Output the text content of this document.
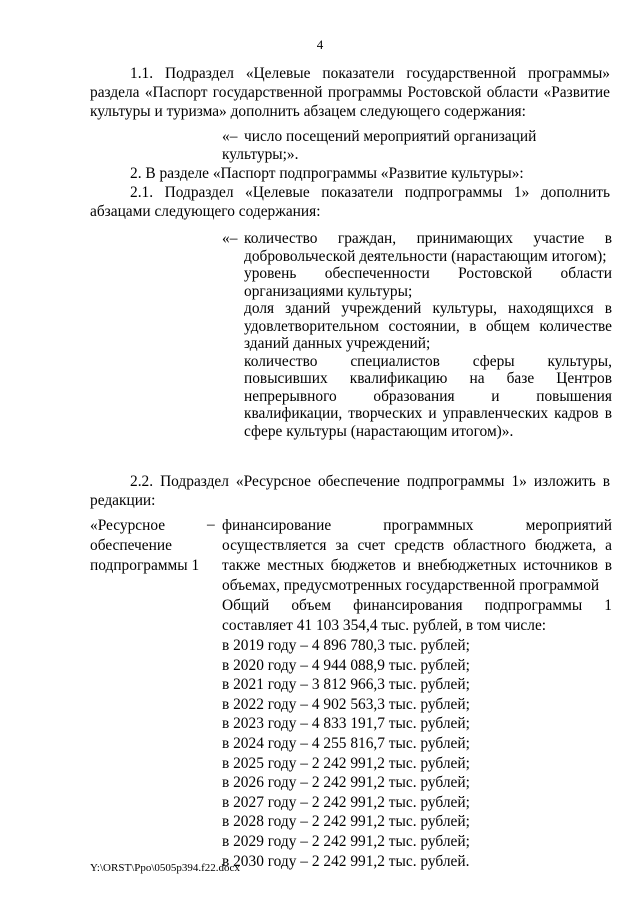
4
1.1. Подраздел «Целевые показатели государственной программы» раздела «Паспорт государственной программы Ростовской области «Развитие культуры и туризма» дополнить абзацем следующего содержания:
«– число посещений мероприятий организаций культуры;».
2. В разделе «Паспорт подпрограммы «Развитие культуры»:
2.1. Подраздел «Целевые показатели подпрограммы 1» дополнить абзацами следующего содержания:
«– количество граждан, принимающих участие в добровольческой деятельности (нарастающим итогом);
уровень обеспеченности Ростовской области организациями культуры;
доля зданий учреждений культуры, находящихся в удовлетворительном состоянии, в общем количестве зданий данных учреждений;
количество специалистов сферы культуры, повысивших квалификацию на базе Центров непрерывного образования и повышения квалификации, творческих и управленческих кадров в сфере культуры (нарастающим итогом)».
2.2. Подраздел «Ресурсное обеспечение подпрограммы 1» изложить в редакции:
«Ресурсное обеспечение подпрограммы 1
– финансирование программных мероприятий осуществляется за счет средств областного бюджета, а также местных бюджетов и внебюджетных источников в объемах, предусмотренных государственной программой
Общий объем финансирования подпрограммы 1 составляет 41 103 354,4 тыс. рублей, в том числе:
в 2019 году – 4 896 780,3 тыс. рублей;
в 2020 году – 4 944 088,9 тыс. рублей;
в 2021 году – 3 812 966,3 тыс. рублей;
в 2022 году – 4 902 563,3 тыс. рублей;
в 2023 году – 4 833 191,7 тыс. рублей;
в 2024 году – 4 255 816,7 тыс. рублей;
в 2025 году – 2 242 991,2 тыс. рублей;
в 2026 году – 2 242 991,2 тыс. рублей;
в 2027 году – 2 242 991,2 тыс. рублей;
в 2028 году – 2 242 991,2 тыс. рублей;
в 2029 году – 2 242 991,2 тыс. рублей;
в 2030 году – 2 242 991,2 тыс. рублей.
Y:\ORST\Ppo\0505p394.f22.docx
